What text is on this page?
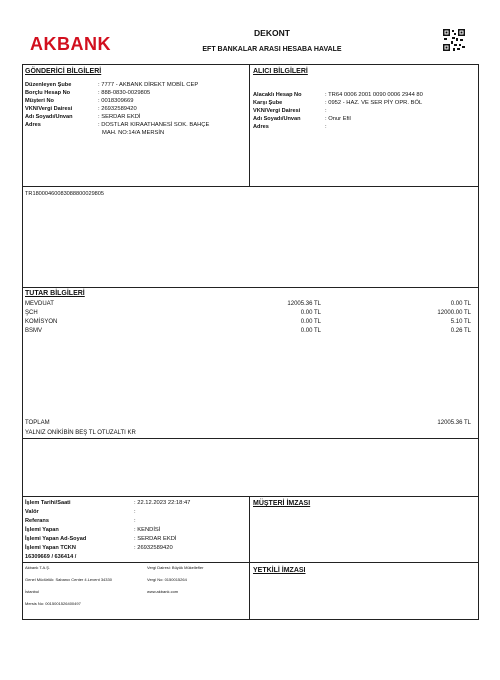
AKBANK
DEKONT
EFT BANKALAR ARASI HESABA HAVALE
GÖNDERİCİ BİLGİLERİ
Düzenleyen Şube	: 7777 - AKBANK DİREKT MOBİL CEP
Borçlu Hesap No	: 888-0830-0029805
Müşteri No	: 0018309669
VKN/Vergi Dairesi	: 26932589420
Adı Soyadı/Unvan	: SERDAR EKDİ
Adres	: DOSTLAR KIRAATHANESİ SOK. BAHÇE
MAH. NO:14/A MERSİN
ALICI BİLGİLERİ
Alacaklı Hesap No	: TR64 0006 2001 0090 0006 2944 80
Karşı Şube	: 0952 - HAZ. VE SER PİY OPR. BÖL
VKN/Vergi Dairesi	:
Adı Soyadı/Unvan	: Onur Efil
Adres	:
TR18000460083088800029805
TUTAR BİLGİLERİ
MEVDUAT	12005.36 TL	0.00 TL
ŞCH	0.00 TL	12000.00 TL
KOMİSYON	0.00 TL	5.10 TL
BSMV	0.00 TL	0.26 TL
TOPLAM	12005.36 TL
YALNIZ ONİKİBİN BEŞ TL OTUZALTI KR
İşlem Tarihi/Saati	: 22.12.2023 22:18:47
Valör	:
Referans	:
İşlemi Yapan	: KENDİSİ
İşlemi Yapan Ad-Soyad	: SERDAR EKDİ
İşlemi Yapan TCKN	: 26932589420
16309669 / 636414 /
MÜŞTERİ İMZASI
YETKİLİ İMZASI
Akbank T.A.Ş.
Genel Müdürlük: Sabancı Center 4.Levent 34330
İstanbul
Mersis No: 0015001526400497
Vergi Dairesi: Büyük Mükellefler
Vergi No: 0150015264
www.akbank.com
